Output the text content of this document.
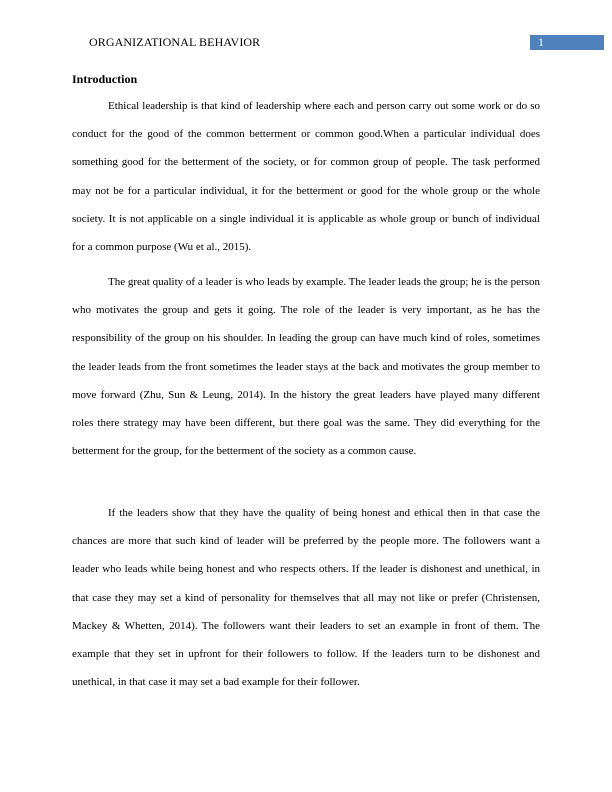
ORGANIZATIONAL BEHAVIOR	1
Introduction

Ethical leadership is that kind of leadership where each and person carry out some work or do so conduct for the good of the common betterment or common good.When a particular individual does something good for the betterment of the society, or for common group of people. The task performed may not be for a particular individual, it for the betterment or good for the whole group or the whole society. It is not applicable on a single individual it is applicable as whole group or bunch of individual for a common purpose (Wu et al., 2015).

The great quality of a leader is who leads by example. The leader leads the group; he is the person who motivates the group and gets it going. The role of the leader is very important, as he has the responsibility of the group on his shoulder. In leading the group can have much kind of roles, sometimes the leader leads from the front sometimes the leader stays at the back and motivates the group member to move forward (Zhu, Sun & Leung, 2014). In the history the great leaders have played many different roles there strategy may have been different, but there goal was the same. They did everything for the betterment for the group, for the betterment of the society as a common cause.

If the leaders show that they have the quality of being honest and ethical then in that case the chances are more that such kind of leader will be preferred by the people more. The followers want a leader who leads while being honest and who respects others. If the leader is dishonest and unethical, in that case they may set a kind of personality for themselves that all may not like or prefer (Christensen, Mackey & Whetten, 2014). The followers want their leaders to set an example in front of them. The example that they set in upfront for their followers to follow. If the leaders turn to be dishonest and unethical, in that case it may set a bad example for their follower.
